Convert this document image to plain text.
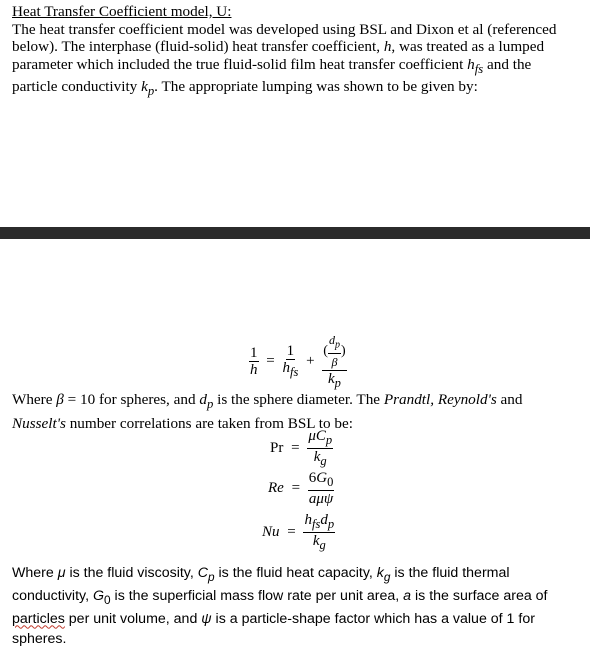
Heat Transfer Coefficient model, U:
The heat transfer coefficient model was developed using BSL and Dixon et al (referenced below). The interphase (fluid-solid) heat transfer coefficient, h, was treated as a lumped parameter which included the true fluid-solid film heat transfer coefficient $h_{fs}$ and the particle conductivity $k_p$. The appropriate lumping was shown to be given by:
$\frac{1}{h} = \frac{1}{h_{fs}} + \frac{( \frac{d_p}{\beta} )}{k_p}$
Where β = 10 for spheres, and $d_p$ is the sphere diameter. The Prandtl, Reynold's and Nusselt's number correlations are taken from BSL to be:
$Pr = \frac{\mu C_p}{k_g}$
$Re = \frac{6G_0}{\text{aμψ}}$
$Nu = \frac{h_{fs}d_p}{k_g}$
Where μ is the fluid viscosity, $C_p$ is the fluid heat capacity, $k_g$ is the fluid thermal conductivity, $G_0$ is the superficial mass flow rate per unit area, a is the surface area of particles per unit volume, and ψ is a particle-shape factor which has a value of 1 for spheres.
